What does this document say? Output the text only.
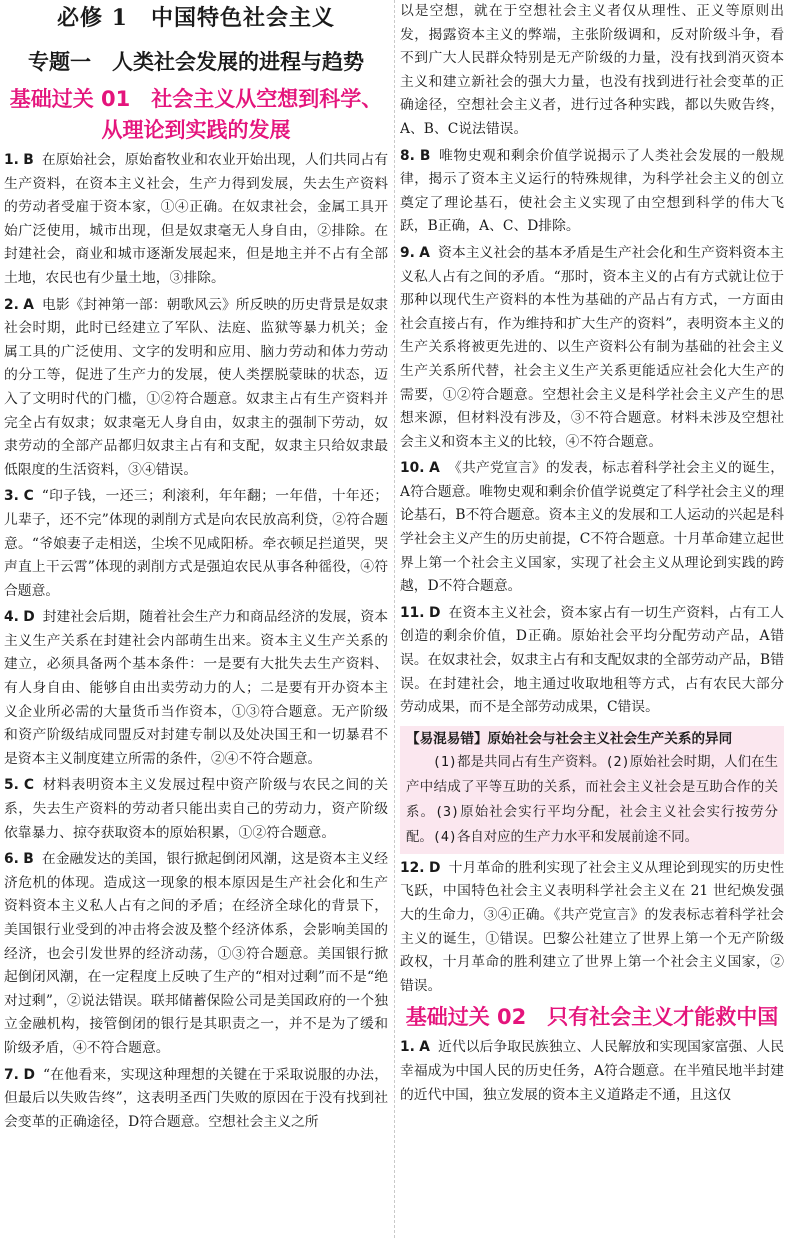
必修 1　中国特色社会主义
专题一　人类社会发展的进程与趋势
基础过关 01　社会主义从空想到科学、
从理论到实践的发展
1. B 在原始社会，原始畜牧业和农业开始出现，人们共同占有生产资料，在资本主义社会，生产力得到发展，失去生产资料的劳动者受雇于资本家，①④正确。在奴隶社会，金属工具开始广泛使用，城市出现，但是奴隶毫无人身自由，②排除。在封建社会，商业和城市逐渐发展起来，但是地主并不占有全部土地，农民也有少量土地，③排除。
2. A 电影《封神第一部：朝歌风云》所反映的历史背景是奴隶社会时期，此时已经建立了军队、法庭、监狱等暴力机关；金属工具的广泛使用、文字的发明和应用、脑力劳动和体力劳动的分工等，促进了生产力的发展，使人类摆脱蒙昧的状态，迈入了文明时代的门槛，①②符合题意。奴隶主占有生产资料并完全占有奴隶；奴隶毫无人身自由，奴隶主的强制下劳动，奴隶劳动的全部产品都归奴隶主占有和支配，奴隶主只给奴隶最低限度的生活资料，③④错误。
3. C “印子钱，一还三；利滚利，年年翻；一年借，十年还；儿辈子，还不完”体现的剥削方式是向农民放高利贷，②符合题意。“爷娘妻子走相送，尘埃不见咸阳桥。牵衣顿足拦道哭，哭声直上干云霄”体现的剥削方式是强迫农民从事各种徭役，④符合题意。
4. D 封建社会后期，随着社会生产力和商品经济的发展，资本主义生产关系在封建社会内部萌生出来。资本主义生产关系的建立，必须具备两个基本条件：一是要有大批失去生产资料、有人身自由、能够自由出卖劳动力的人；二是要有开办资本主义企业所必需的大量货币当作资本，①③符合题意。无产阶级和资产阶级结成同盟反对封建专制以及处决国王和一切暴君不是资本主义制度建立所需的条件，②④不符合题意。
5. C 材料表明资本主义发展过程中资产阶级与农民之间的关系，失去生产资料的劳动者只能出卖自己的劳动力，资产阶级依靠暴力、掠夺获取资本的原始积累，①②符合题意。
6. B 在金融发达的美国，银行掀起倒闭风潮，这是资本主义经济危机的体现。造成这一现象的根本原因是生产社会化和生产资料资本主义私人占有之间的矛盾；在经济全球化的背景下，美国银行业受到的冲击将会波及整个经济体系，会影响美国的经济，也会引发世界的经济动荡，①③符合题意。美国银行掀起倒闭风潮，在一定程度上反映了生产的“相对过剩”而不是“绝对过剩”，②说法错误。联邦储蓄保险公司是美国政府的一个独立金融机构，接管倒闭的银行是其职责之一，并不是为了缓和阶级矛盾，④不符合题意。
7. D “在他看来，实现这种理想的关键在于采取说服的办法，但最后以失败告终”，这表明圣西门失败的原因在于没有找到社会变革的正确途径，D符合题意。空想社会主义之所
以是空想，就在于空想社会主义者仅从理性、正义等原则出发，揭露资本主义的弊端，主张阶级调和，反对阶级斗争，看不到广大人民群众特别是无产阶级的力量，没有找到消灭资本主义和建立新社会的强大力量，也没有找到进行社会变革的正确途径，空想社会主义者，进行过各种实践，都以失败告终，A、B、C说法错误。
8. B 唯物史观和剩余价值学说揭示了人类社会发展的一般规律，揭示了资本主义运行的特殊规律，为科学社会主义的创立奠定了理论基石，使社会主义实现了由空想到科学的伟大飞跃，B正确，A、C、D排除。
9. A 资本主义社会的基本矛盾是生产社会化和生产资料资本主义私人占有之间的矛盾。“那时，资本主义的占有方式就让位于那种以现代生产资料的本性为基础的产品占有方式，一方面由社会直接占有，作为维持和扩大生产的资料”，表明资本主义的生产关系将被更先进的、以生产资料公有制为基础的社会主义生产关系所代替，社会主义生产关系更能适应社会化大生产的需要，①②符合题意。空想社会主义是科学社会主义产生的思想来源，但材料没有涉及，③不符合题意。材料未涉及空想社会主义和资本主义的比较，④不符合题意。
10. A 《共产党宣言》的发表，标志着科学社会主义的诞生，A符合题意。唯物史观和剩余价值学说奠定了科学社会主义的理论基石，B不符合题意。资本主义的发展和工人运动的兴起是科学社会主义产生的历史前提，C不符合题意。十月革命建立起世界上第一个社会主义国家，实现了社会主义从理论到实践的跨越，D不符合题意。
11. D 在资本主义社会，资本家占有一切生产资料，占有工人创造的剩余价值，D正确。原始社会平均分配劳动产品，A错误。在奴隶社会，奴隶主占有和支配奴隶的全部劳动产品，B错误。在封建社会，地主通过收取地租等方式，占有农民大部分劳动成果，而不是全部劳动成果，C错误。
【易混易错】原始社会与社会主义社会生产关系的异同
(1)都是共同占有生产资料。(2)原始社会时期，人们在生产中结成了平等互助的关系，而社会主义社会是互助合作的关系。(3)原始社会实行平均分配，社会主义社会实行按劳分配。(4)各自对应的生产力水平和发展前途不同。
12. D 十月革命的胜利实现了社会主义从理论到现实的历史性飞跃，中国特色社会主义表明科学社会主义在 21 世纪焕发强大的生命力，③④正确。《共产党宣言》的发表标志着科学社会主义的诞生，①错误。巴黎公社建立了世界上第一个无产阶级政权，十月革命的胜利建立了世界上第一个社会主义国家，②错误。
基础过关 02　只有社会主义才能救中国
1. A 近代以后争取民族独立、人民解放和实现国家富强、人民幸福成为中国人民的历史任务，A符合题意。在半殖民地半封建的近代中国，独立发展的资本主义道路走不通，且这仅
